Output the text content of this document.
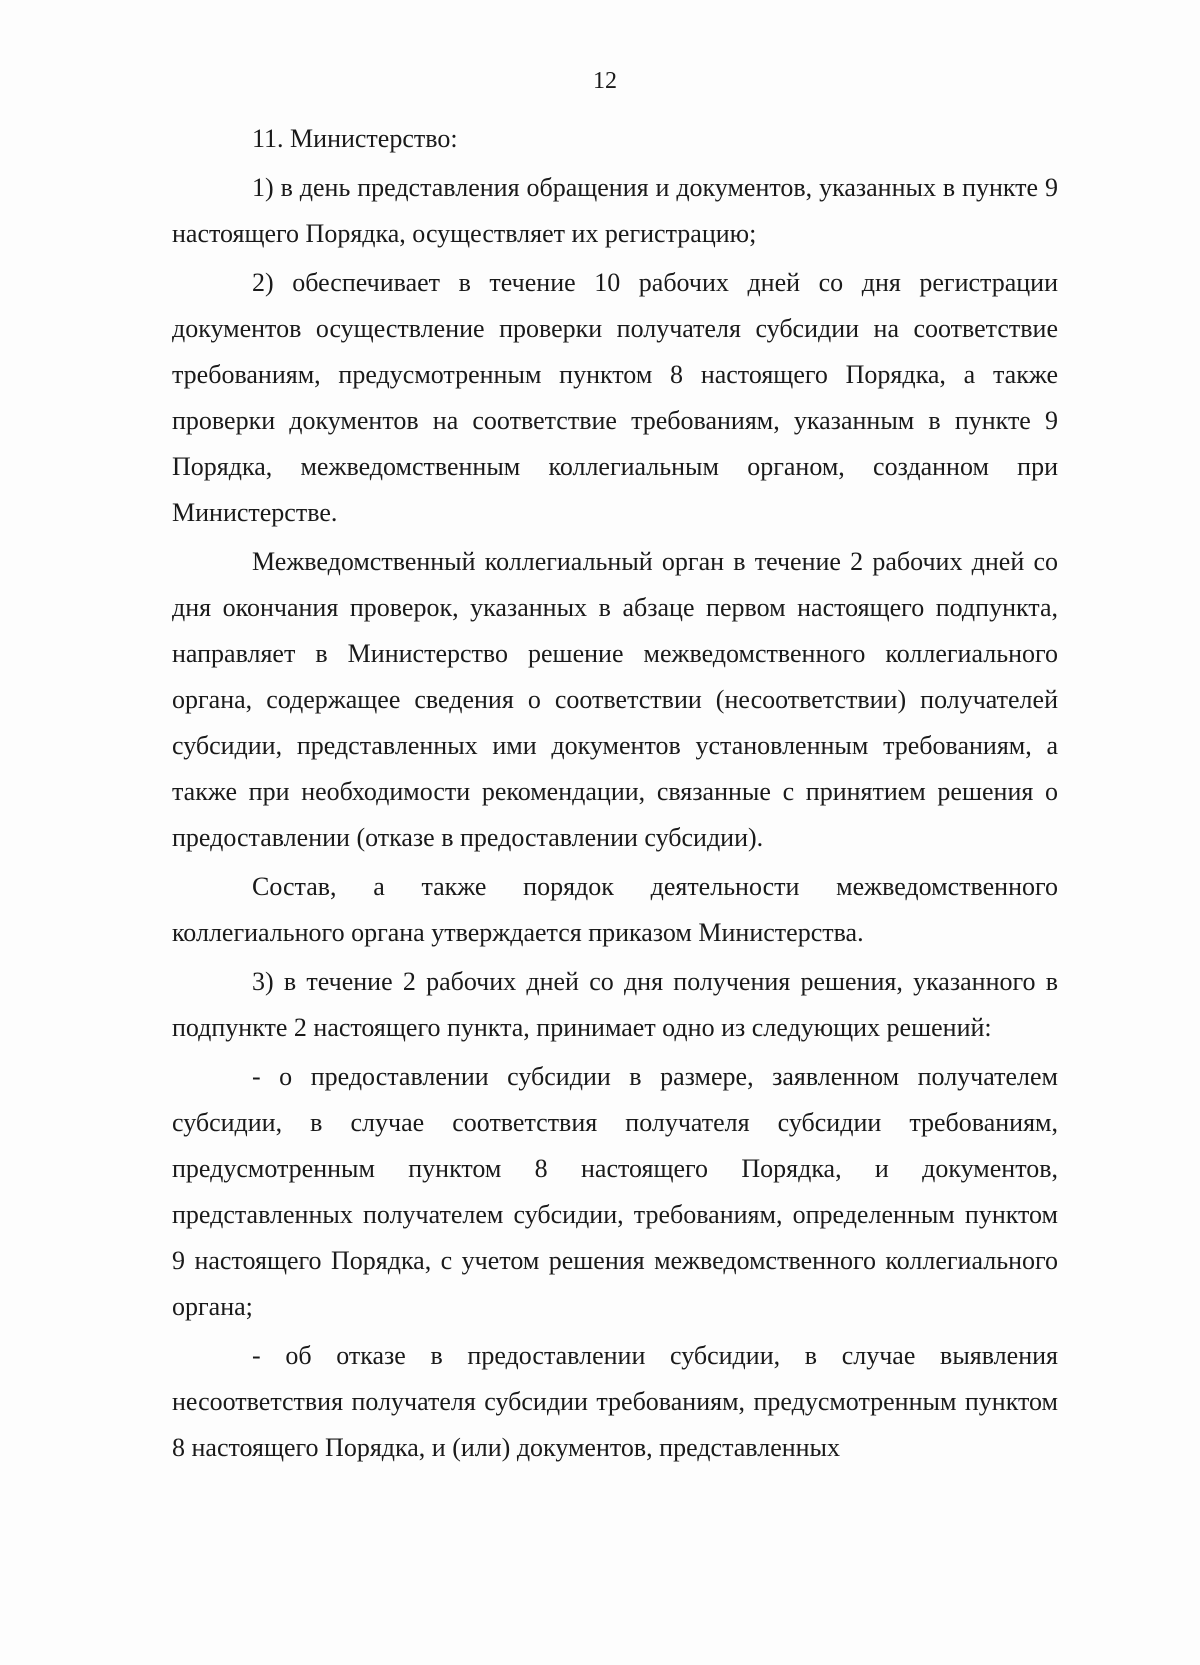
12

11. Министерство:

1) в день представления обращения и документов, указанных в пункте 9 настоящего Порядка, осуществляет их регистрацию;

2) обеспечивает в течение 10 рабочих дней со дня регистрации документов осуществление проверки получателя субсидии на соответствие требованиям, предусмотренным пунктом 8 настоящего Порядка, а также проверки документов на соответствие требованиям, указанным в пункте 9 Порядка, межведомственным коллегиальным органом, созданном при Министерстве.

Межведомственный коллегиальный орган в течение 2 рабочих дней со дня окончания проверок, указанных в абзаце первом настоящего подпункта, направляет в Министерство решение межведомственного коллегиального органа, содержащее сведения о соответствии (несоответствии) получателей субсидии, представленных ими документов установленным требованиям, а также при необходимости рекомендации, связанные с принятием решения о предоставлении (отказе в предоставлении субсидии).

Состав, а также порядок деятельности межведомственного коллегиального органа утверждается приказом Министерства.

3) в течение 2 рабочих дней со дня получения решения, указанного в подпункте 2 настоящего пункта, принимает одно из следующих решений:

- о предоставлении субсидии в размере, заявленном получателем субсидии, в случае соответствия получателя субсидии требованиям, предусмотренным пунктом 8 настоящего Порядка, и документов, представленных получателем субсидии, требованиям, определенным пунктом 9 настоящего Порядка, с учетом решения межведомственного коллегиального органа;

- об отказе в предоставлении субсидии, в случае выявления несоответствия получателя субсидии требованиям, предусмотренным пунктом 8 настоящего Порядка, и (или) документов, представленных
